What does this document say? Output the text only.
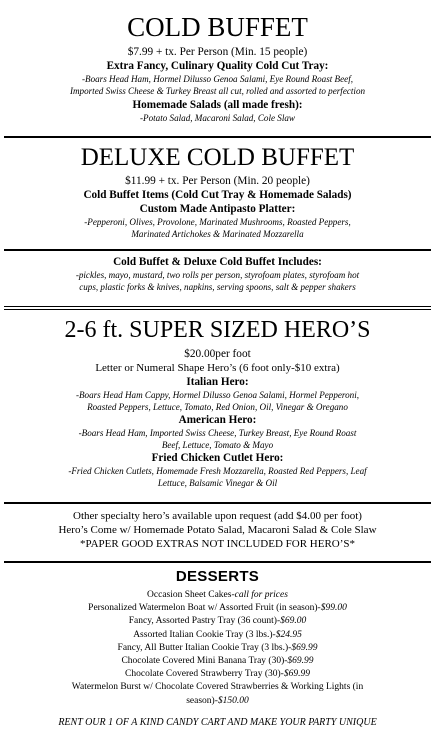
COLD BUFFET
$7.99 + tx. Per Person (Min. 15 people)
Extra Fancy, Culinary Quality Cold Cut Tray:
-Boars Head Ham, Hormel Dilusso Genoa Salami, Eye Round Roast Beef,
Imported Swiss Cheese & Turkey Breast all cut, rolled and assorted to perfection
Homemade Salads (all made fresh):
-Potato Salad, Macaroni Salad, Cole Slaw
DELUXE COLD BUFFET
$11.99 + tx. Per Person (Min. 20 people)
Cold Buffet Items (Cold Cut Tray & Homemade Salads)
Custom Made Antipasto Platter:
-Pepperoni, Olives, Provolone, Marinated Mushrooms, Roasted Peppers,
Marinated Artichokes & Marinated Mozzarella
Cold Buffet & Deluxe Cold Buffet Includes:
-pickles, mayo, mustard, two rolls per person, styrofoam plates, styrofoam hot
cups, plastic forks & knives, napkins, serving spoons, salt & pepper shakers
2-6 ft. SUPER SIZED HERO’S
$20.00per foot
Letter or Numeral Shape Hero’s (6 foot only-$10 extra)
Italian Hero:
-Boars Head Ham Cappy, Hormel Dilusso Genoa Salami, Hormel Pepperoni,
Roasted Peppers, Lettuce, Tomato, Red Onion, Oil, Vinegar & Oregano
American Hero:
-Boars Head Ham, Imported Swiss Cheese, Turkey Breast, Eye Round Roast
Beef, Lettuce, Tomato & Mayo
Fried Chicken Cutlet Hero:
-Fried Chicken Cutlets, Homemade Fresh Mozzarella, Roasted Red Peppers, Leaf
Lettuce, Balsamic Vinegar & Oil
Other specialty hero’s available upon request (add $4.00 per foot)
Hero’s Come w/ Homemade Potato Salad, Macaroni Salad & Cole Slaw
*PAPER GOOD EXTRAS NOT INCLUDED FOR HERO’S*
DESSERTS
Occasion Sheet Cakes-call for prices
Personalized Watermelon Boat w/ Assorted Fruit (in season)-$99.00
Fancy, Assorted Pastry Tray (36 count)-$69.00
Assorted Italian Cookie Tray (3 lbs.)-$24.95
Fancy, All Butter Italian Cookie Tray (3 lbs.)-$69.99
Chocolate Covered Mini Banana Tray (30)-$69.99
Chocolate Covered Strawberry Tray (30)-$69.99
Watermelon Burst w/ Chocolate Covered Strawberries & Working Lights (in
season)-$150.00
RENT OUR 1 OF A KIND CANDY CART AND MAKE YOUR PARTY UNIQUE
